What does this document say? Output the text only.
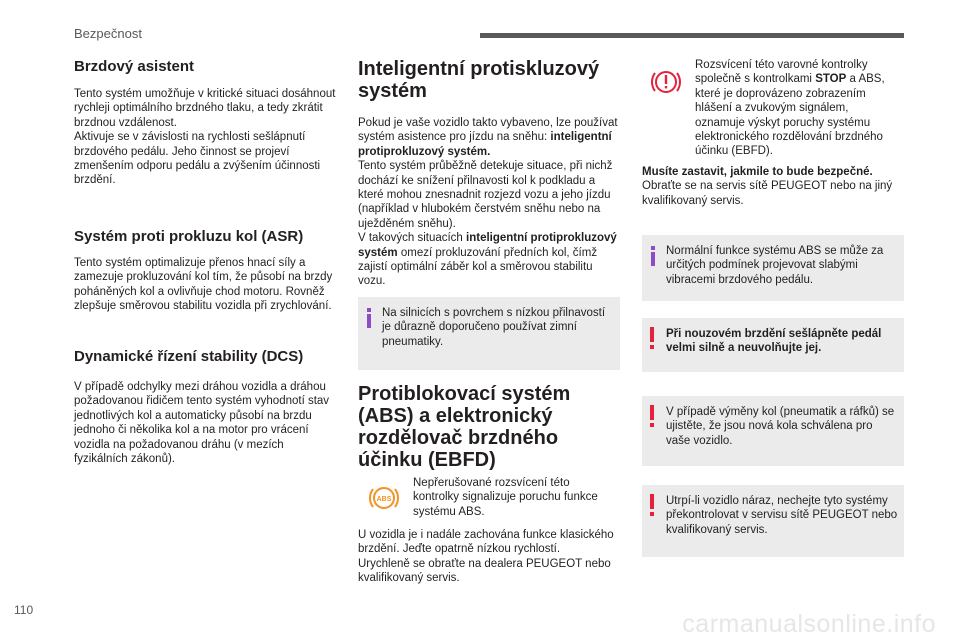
Bezpečnost
Brzdový asistent

Tento systém umožňuje v kritické situaci dosáhnout rychleji optimálního brzdného tlaku, a tedy zkrátit brzdnou vzdálenost.

Aktivuje se v závislosti na rychlosti sešlápnutí brzdového pedálu. Jeho činnost se projeví zmenšením odporu pedálu a zvýšením účinnosti brzdění.

Systém proti prokluzu kol (ASR)

Tento systém optimalizuje přenos hnací síly a zamezuje prokluzování kol tím, že působí na brzdy poháněných kol a ovlivňuje chod motoru. Rovněž zlepšuje směrovou stabilitu vozidla při zrychlování.

Dynamické řízení stability (DCS)

V případě odchylky mezi dráhou vozidla a dráhou požadovanou řidičem tento systém vyhodnotí stav jednotlivých kol a automaticky působí na brzdu jednoho či několika kol a na motor pro vrácení vozidla na požadovanou dráhu (v mezích fyzikálních zákonů).

Inteligentní protiskluzový systém

Pokud je vaše vozidlo takto vybaveno, lze používat systém asistence pro jízdu na sněhu: inteligentní protiprokluzový systém.

Tento systém průběžně detekuje situace, při nichž dochází ke snížení přilnavosti kol k podkladu a které mohou znesnadnit rozjezd vozu a jeho jízdu (například v hlubokém čerstvém sněhu nebo na uježděném sněhu).

V takových situacích inteligentní protiprokluzový systém omezí prokluzování předních kol, čímž zajistí optimální záběr kol a směrovou stabilitu vozu.

Na silnicích s povrchem s nízkou přilnavostí je důrazně doporučeno používat zimní pneumatiky.
Protiblokovací systém (ABS) a elektronický rozdělovač brzdného účinku (EBFD)
ABS

Nepřerušované rozsvícení této kontrolky signalizuje poruchu funkce systému ABS.

U vozidla je i nadále zachována funkce klasického brzdění. Jeďte opatrně nízkou rychlostí.

Urychleně se obraťte na dealera PEUGEOT nebo kvalifikovaný servis.

Rozsvícení této varovné kontrolky společně s kontrolkami STOP a ABS, které je doprovázeno zobrazením hlášení a zvukovým signálem, oznamuje výskyt poruchy systému elektronického rozdělování brzdného účinku (EBFD).

Musíte zastavit, jakmile to bude bezpečné.

Obraťte se na servis sítě PEUGEOT nebo na jiný kvalifikovaný servis.

Normální funkce systému ABS se může za určitých podmínek projevovat slabými vibracemi brzdového pedálu.
Při nouzovém brzdění sešlápněte pedál velmi silně a neuvolňujte jej.
V případě výměny kol (pneumatik a ráfků) se ujistěte, že jsou nová kola schválena pro vaše vozidlo.
Utrpí-li vozidlo náraz, nechejte tyto systémy překontrolovat v servisu sítě PEUGEOT nebo kvalifikovaný servis.
110	carmanualsonline.info
